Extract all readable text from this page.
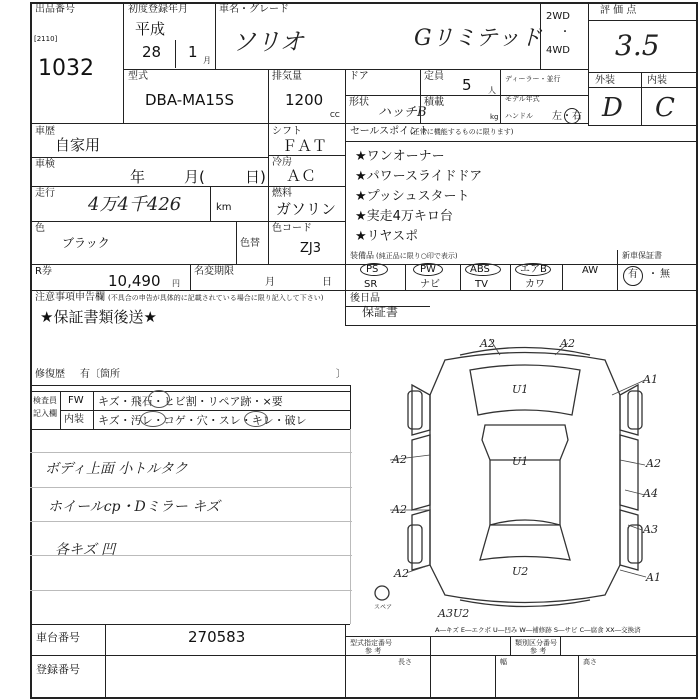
出品番号
[2110]
1032
初度登録年月
平成
28 1 月
車名・グレード
ソリオ	Gリミテッド
2WD
・
4WD
評 価 点
3.5
外装	内装
D C
型式
DBA-MA15S
排気量
1200
CC
ドア	定員 5 人
ディーラー・並行
モデル年式
形状
ハッチB
積載
kg ハンドル 左・右
車歴
自家用
シフト
ＦＡＴ
車検
年	月(	日)
冷房
ＡＣ
走行
4万4千426	km
燃料
ガソリン
色
ブラック	色替
色コード
ZJ3
R券
10,490 円
名変期限
月	日
セールスポイント
(正常に機能するものに限ります)
★ワンオーナー
★パワースライドドア
★プッシュスタート
★実走4万キロ台
★リヤスポ
装備品 (純正品に限り○印で表示)	新車保証書
PS	PW	ABS	エアB	AW
SR	ナビ	TV	カワ
有 ・ 無
後日品
保証書
注意事項申告欄 (不具合の申告が具体的に記載されている場合に限り記入して下さい)
★保証書類後送★
修復歴 有〔箇所	〕
検査員
記入欄
FW キズ・飛石・ヒビ割・リペア跡・×要
内装 キズ・汚レ・コゲ・穴・スレ・キレ・破レ
ボディ上面 小トルタク
ホイールcp・Dミラー キズ
各キズ 凹
A2	A2
A1
U1
A2	U1	A2
A2
A4
A3
U2
A2	A1
A3U2
スペア
A―キズ E―エクボ U―凹み W―補修跡 S―サビ C―腐食 XX―交換済
車台番号	270583
登録番号
型式指定番号
参 考
類別区分番号
参 考
長さ	幅	高さ
